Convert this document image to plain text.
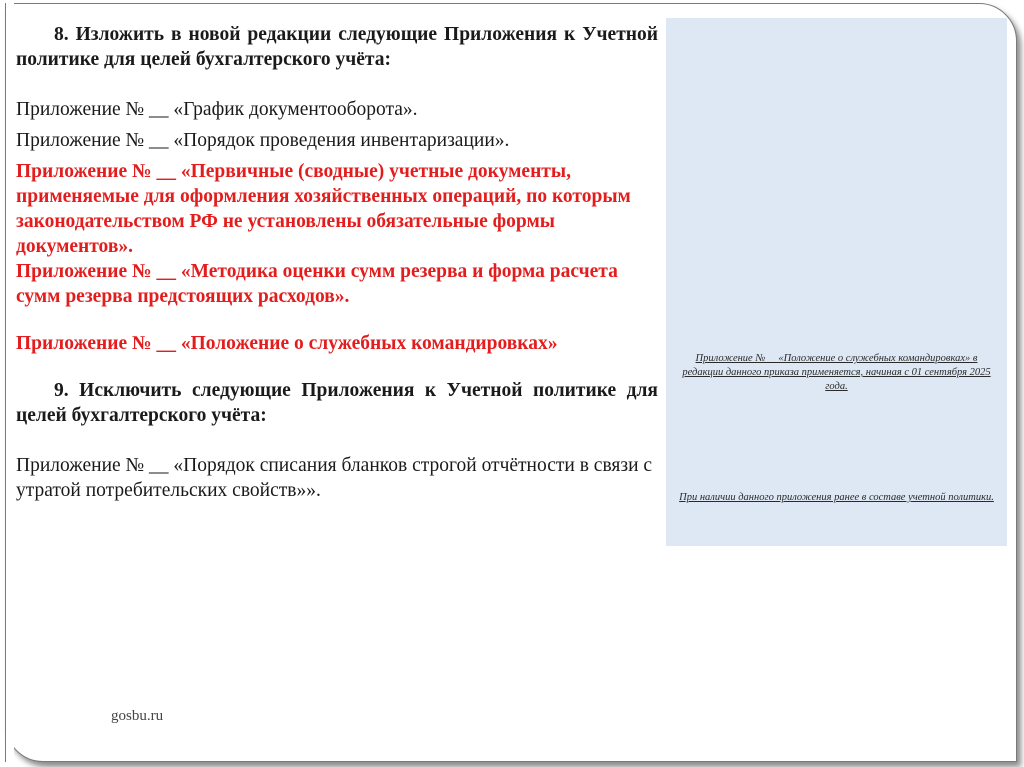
8. Изложить в новой редакции следующие Приложения к Учетной политике для целей бухгалтерского учёта:

Приложение № __ «График документооборота».

Приложение № __ «Порядок проведения инвентаризации».

Приложение № __ «Первичные (сводные) учетные документы, применяемые для оформления хозяйственных операций, по которым законодательством РФ не установлены обязательные формы документов».

Приложение № __ «Методика оценки сумм резерва и форма расчета сумм резерва предстоящих расходов».

Приложение № __ «Положение о служебных командировках»

9. Исключить следующие Приложения к Учетной политике для целей бухгалтерского учёта:

Приложение № __ «Порядок списания бланков строгой отчётности в связи с утратой потребительских свойств»».

Приложение №__ «Положение о служебных командировках» в редакции данного приказа применяется, начиная с 01 сентября 2025 года.
При наличии данного приложения ранее в составе учетной политики.
gosbu.ru
